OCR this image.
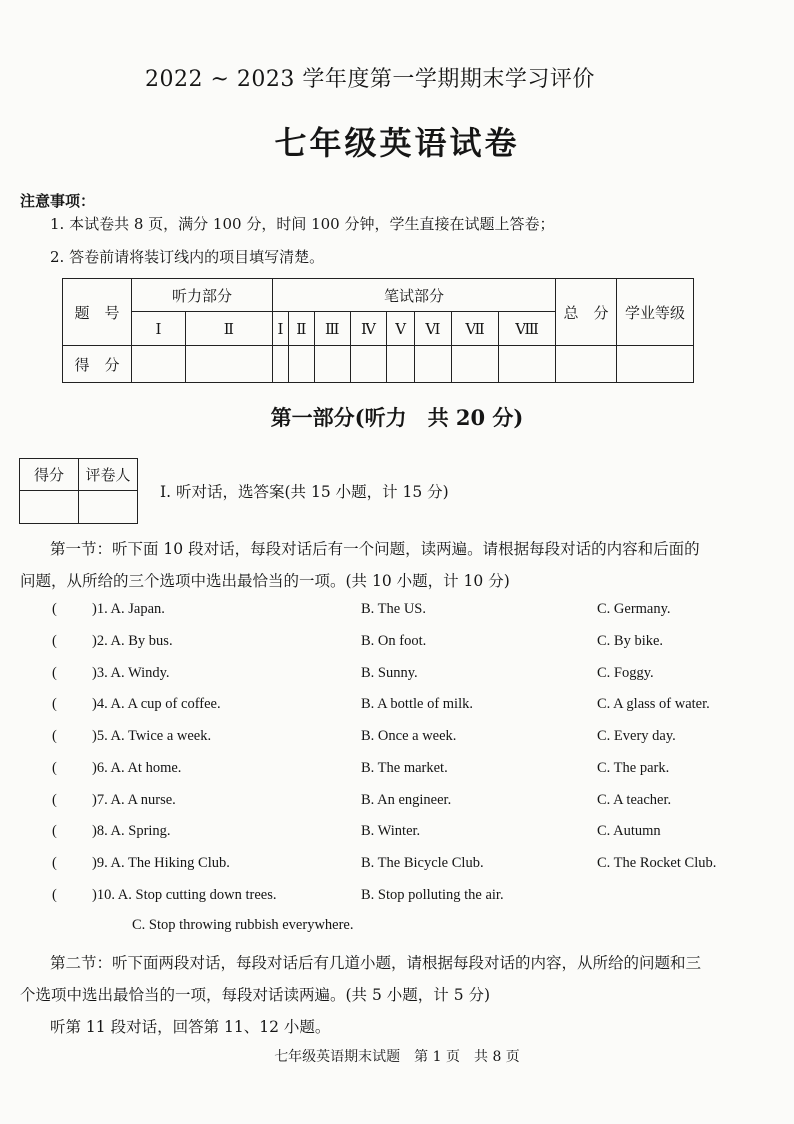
2022 ~ 2023 学年度第一学期期末学习评价
七年级英语试卷
注意事项：
1. 本试卷共 8 页，满分 100 分，时间 100 分钟，学生直接在试题上答卷；
2. 答卷前请将装订线内的项目填写清楚。
题　号	听力部分		笔试部分								总　分	学业等级
	Ⅰ	Ⅱ	Ⅰ	Ⅱ	Ⅲ	Ⅳ	Ⅴ	Ⅵ	Ⅶ	Ⅷ		
得　分												
第一部分(听力　共 20 分)
得分	评卷人

Ⅰ. 听对话，选答案(共 15 小题，计 15 分)
第一节：听下面 10 段对话，每段对话后有一个问题，读两遍。请根据每段对话的内容和后面的
问题，从所给的三个选项中选出最恰当的一项。(共 10 小题，计 10 分)
( )1. A. Japan.	B. The US.	C. Germany.
( )2. A. By bus.	B. On foot.	C. By bike.
( )3. A. Windy.	B. Sunny.	C. Foggy.
( )4. A. A cup of coffee.	B. A bottle of milk.	C. A glass of water.
( )5. A. Twice a week.	B. Once a week.	C. Every day.
( )6. A. At home.	B. The market.	C. The park.
( )7. A. A nurse.	B. An engineer.	C. A teacher.
( )8. A. Spring.	B. Winter.	C. Autumn
( )9. A. The Hiking Club.	B. The Bicycle Club.	C. The Rocket Club.
( )10. A. Stop cutting down trees.	B. Stop polluting the air.
C. Stop throwing rubbish everywhere.
第二节：听下面两段对话，每段对话后有几道小题，请根据每段对话的内容，从所给的问题和三
个选项中选出最恰当的一项，每段对话读两遍。(共 5 小题，计 5 分)
听第 11 段对话，回答第 11、12 小题。
七年级英语期末试题　第 1 页　共 8 页
